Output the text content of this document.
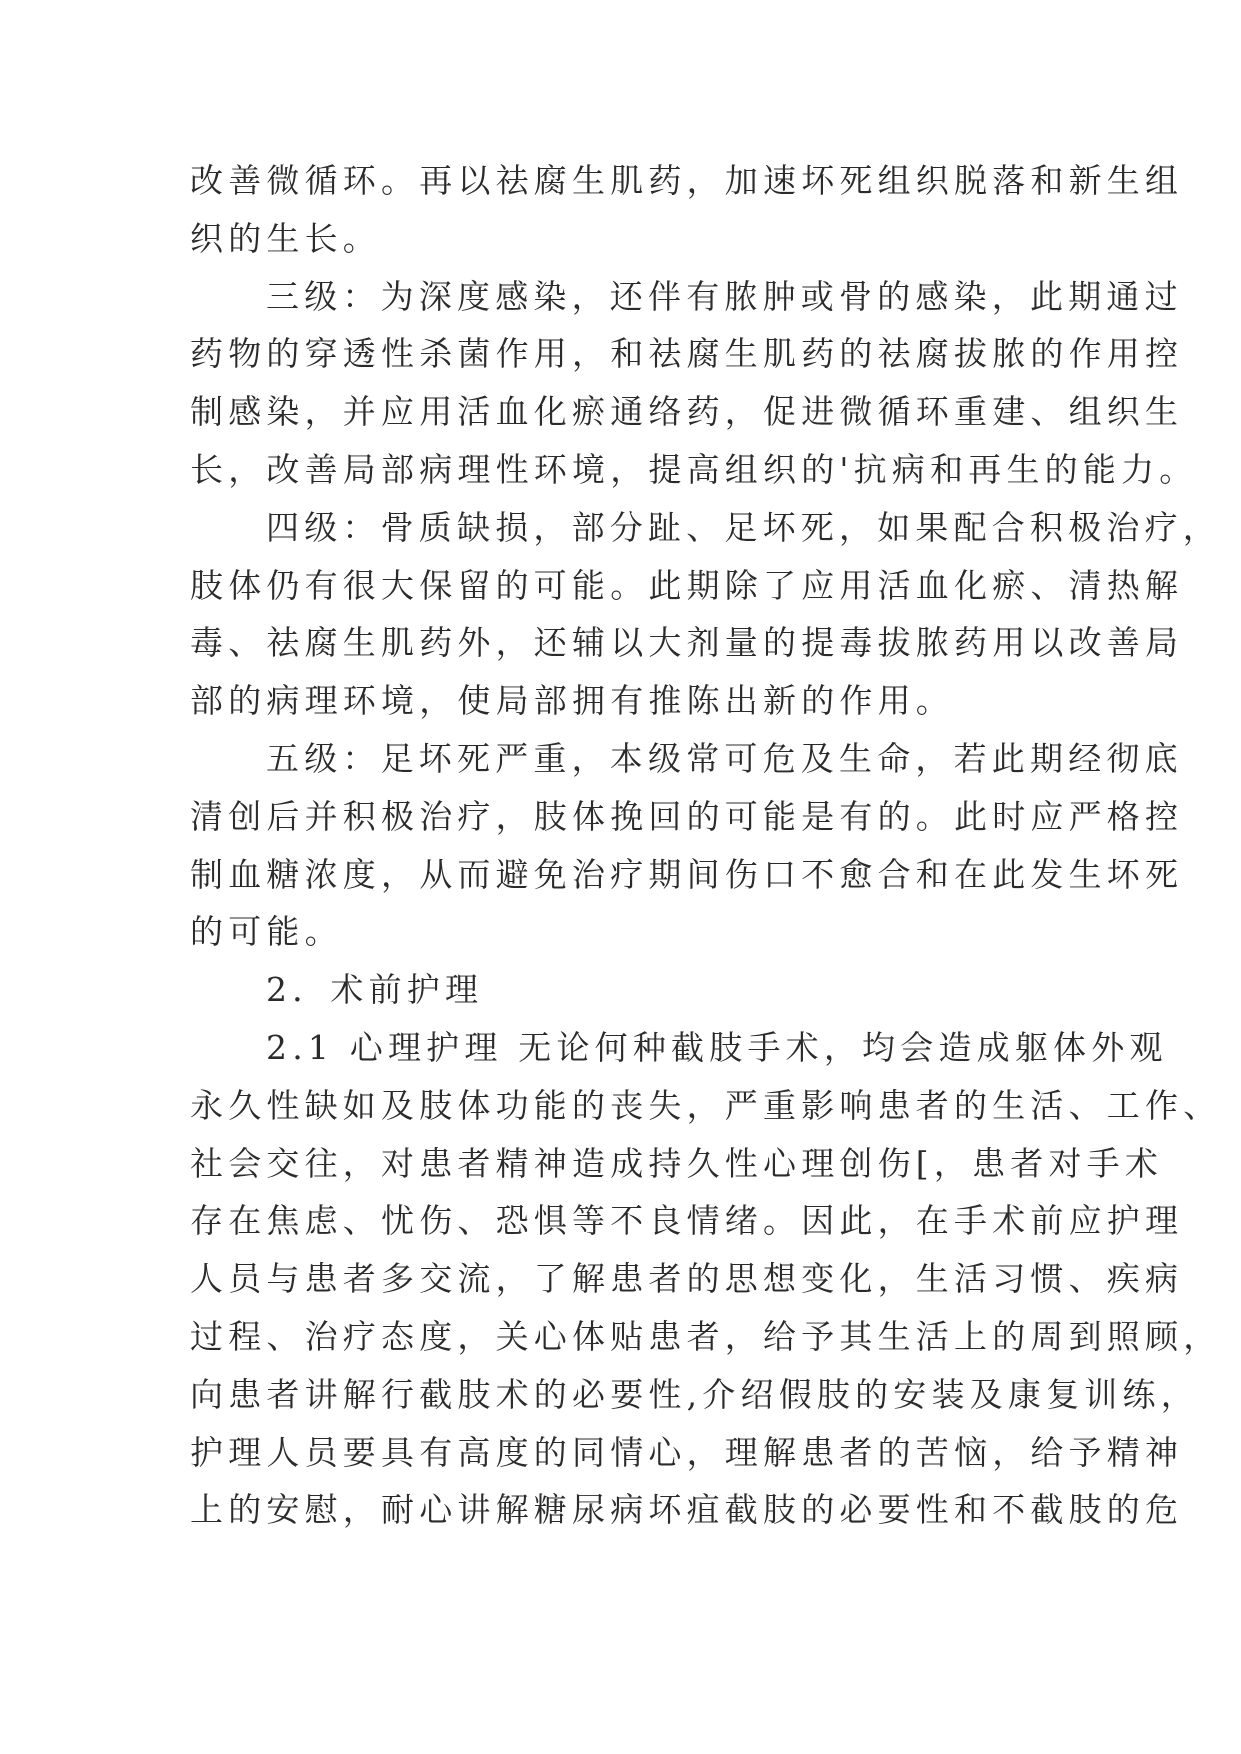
改善微循环。再以祛腐生肌药，加速坏死组织脱落和新生组
织的生长。
三级：为深度感染，还伴有脓肿或骨的感染，此期通过
药物的穿透性杀菌作用，和祛腐生肌药的祛腐拔脓的作用控
制感染，并应用活血化瘀通络药，促进微循环重建、组织生
长，改善局部病理性环境，提高组织的'抗病和再生的能力。
四级：骨质缺损，部分趾、足坏死，如果配合积极治疗，
肢体仍有很大保留的可能。此期除了应用活血化瘀、清热解
毒、祛腐生肌药外，还辅以大剂量的提毒拔脓药用以改善局
部的病理环境，使局部拥有推陈出新的作用。
五级：足坏死严重，本级常可危及生命，若此期经彻底
清创后并积极治疗，肢体挽回的可能是有的。此时应严格控
制血糖浓度，从而避免治疗期间伤口不愈合和在此发生坏死
的可能。
2．术前护理
2.1 心理护理 无论何种截肢手术，均会造成躯体外观
永久性缺如及肢体功能的丧失，严重影响患者的生活、工作、
社会交往，对患者精神造成持久性心理创伤[，患者对手术
存在焦虑、忧伤、恐惧等不良情绪。因此，在手术前应护理
人员与患者多交流，了解患者的思想变化，生活习惯、疾病
过程、治疗态度，关心体贴患者，给予其生活上的周到照顾，
向患者讲解行截肢术的必要性,介绍假肢的安装及康复训练，
护理人员要具有高度的同情心，理解患者的苦恼，给予精神
上的安慰，耐心讲解糖尿病坏疽截肢的必要性和不截肢的危
